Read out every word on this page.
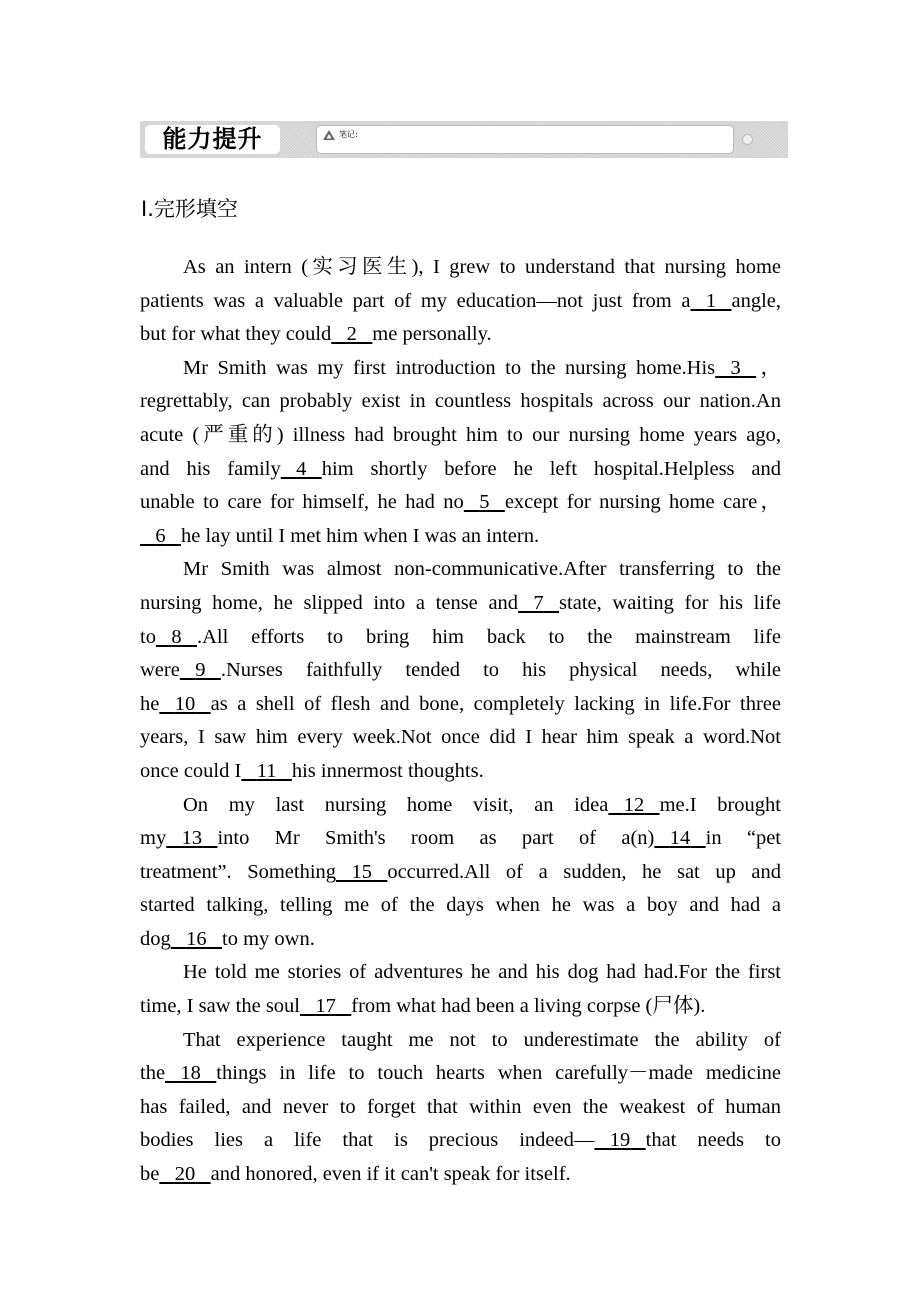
能力提升	笔记:
Ⅰ.完形填空
As an intern (实习医生), I grew to understand that nursing home
patients was a valuable part of my education—not just from a 1 angle,
but for what they could 2 me personally.
Mr Smith was my first introduction to the nursing home.His 3 ，
regrettably, can probably exist in countless hospitals across our nation.An
acute (严重的) illness had brought him to our nursing home years ago,
and his family 4 him shortly before he left hospital.Helpless and
unable to care for himself, he had no 5 except for nursing home care，
6 he lay until I met him when I was an intern.
Mr Smith was almost non-communicative.After transferring to the
nursing home, he slipped into a tense and 7 state, waiting for his life
to 8 .All efforts to bring him back to the mainstream life
were 9 .Nurses faithfully tended to his physical needs, while
he 10 as a shell of flesh and bone, completely lacking in life.For three
years, I saw him every week.Not once did I hear him speak a word.Not
once could I 11 his innermost thoughts.
On my last nursing home visit, an idea 12 me.I brought
my 13 into Mr Smith's room as part of a(n) 14 in “pet
treatment”. Something 15 occurred.All of a sudden, he sat up and
started talking, telling me of the days when he was a boy and had a
dog 16 to my own.
He told me stories of adventures he and his dog had had.For the first
time, I saw the soul 17 from what had been a living corpse (尸体).
That experience taught me not to underestimate the ability of
the 18 things in life to touch hearts when carefully－made medicine
has failed, and never to forget that within even the weakest of human
bodies lies a life that is precious indeed— 19 that needs to
be 20 and honored, even if it can't speak for itself.
